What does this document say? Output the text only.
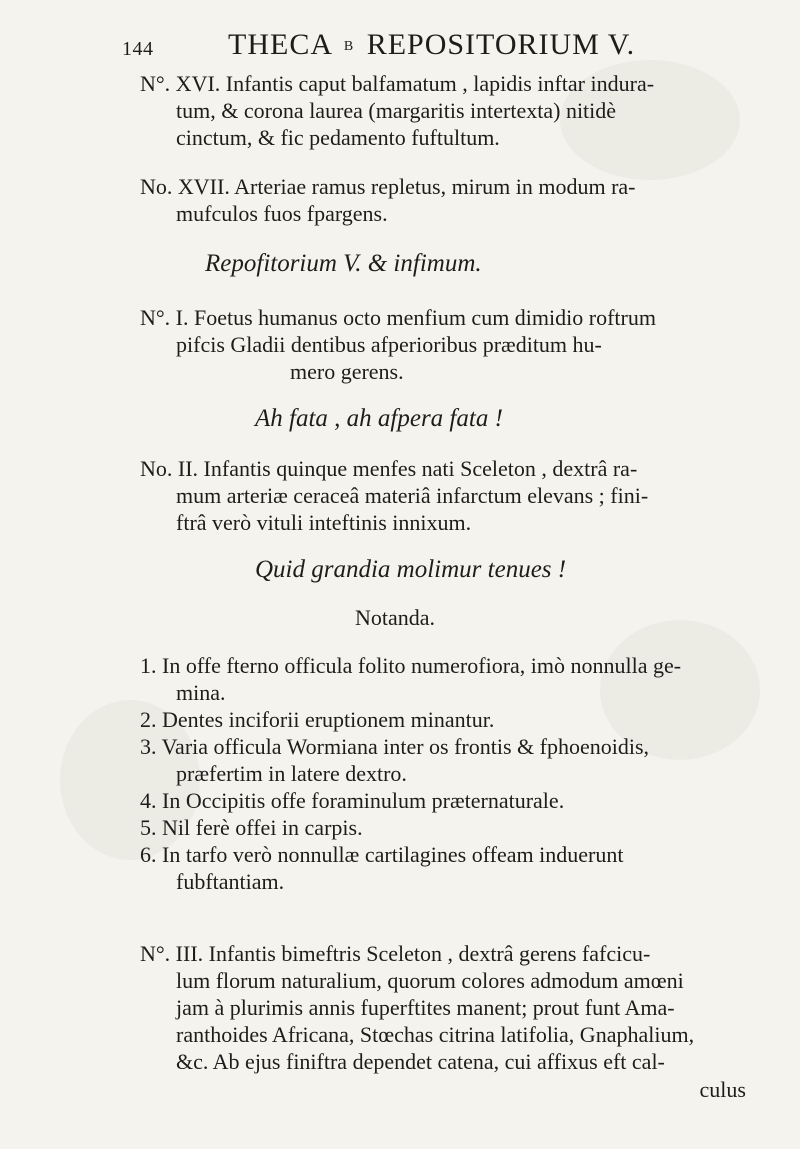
144 THECA B REPOSITORIUM V.
N°. XVI. Infantis caput balfamatum , lapidis inftar indura-
tum, & corona laurea (margaritis intertexta) nitidè
cinctum, & fic pedamento fuftultum.
No. XVII. Arteriae ramus repletus, mirum in modum ra-
mufculos fuos fpargens.
Repofitorium V. & infimum.
N°. I. Foetus humanus octo menfium cum dimidio roftrum
pifcis Gladii dentibus afperioribus præditum hu-
mero gerens.
Ah fata , ah afpera fata !
No. II. Infantis quinque menfes nati Sceleton , dextrâ ra-
mum arteriæ ceraceâ materiâ infarctum elevans ; fini-
ftrâ verò vituli inteftinis innixum.
Quid grandia molimur tenues !
Notanda.
1. In offe fterno officula folito numerofiora, imò nonnulla ge-
mina.
2. Dentes inciforii eruptionem minantur.
3. Varia officula Wormiana inter os frontis & fphoenoidis,
præfertim in latere dextro.
4. In Occipitis offe foraminulum præternaturale.
5. Nil ferè offei in carpis.
6. In tarfo verò nonnullæ cartilagines offeam induerunt
fubftantiam.
N°. III. Infantis bimeftris Sceleton , dextrâ gerens fafcicu-
lum florum naturalium, quorum colores admodum amœni
jam à plurimis annis fuperftites manent; prout funt Ama-
ranthoides Africana, Stœchas citrina latifolia, Gnaphalium,
&c. Ab ejus finiftra dependet catena, cui affixus eft cal-
culus
